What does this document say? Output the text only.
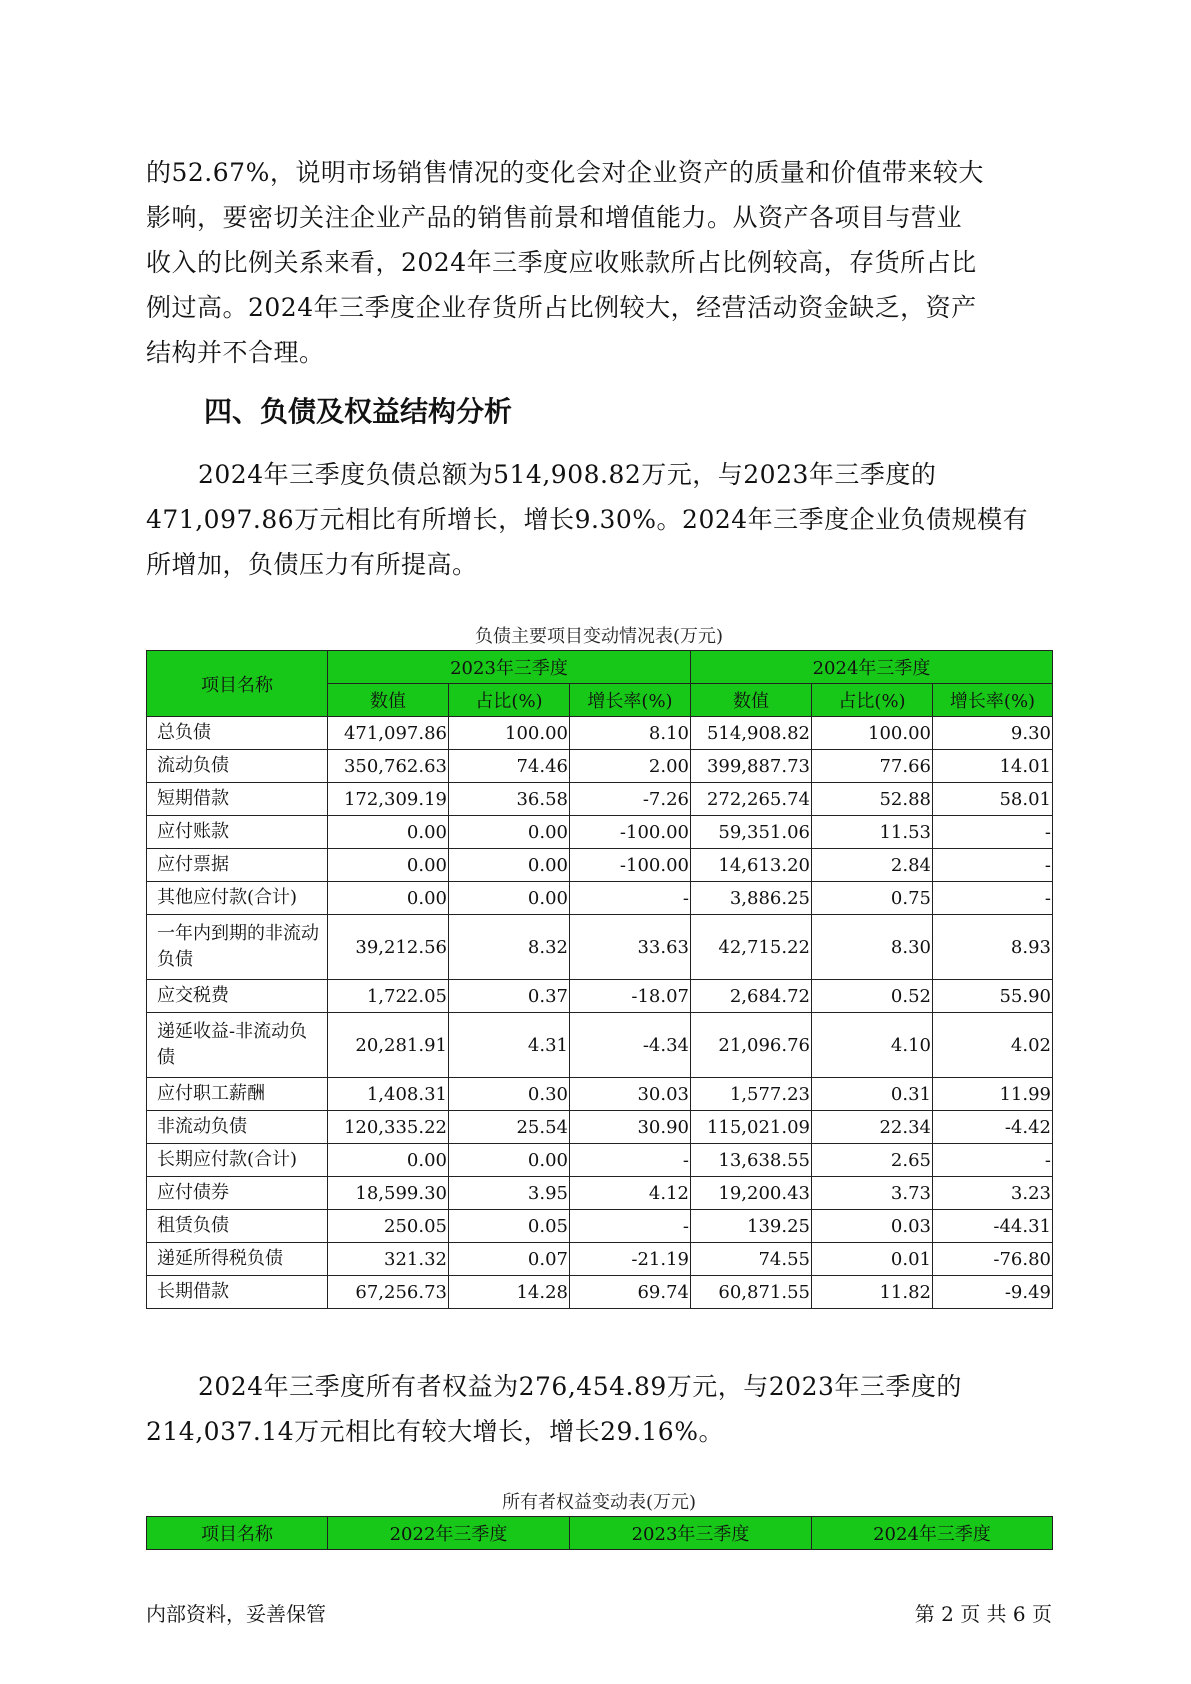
的52.67%，说明市场销售情况的变化会对企业资产的质量和价值带来较大
影响，要密切关注企业产品的销售前景和增值能力。从资产各项目与营业
收入的比例关系来看，2024年三季度应收账款所占比例较高，存货所占比
例过高。2024年三季度企业存货所占比例较大，经营活动资金缺乏，资产
结构并不合理。
四、负债及权益结构分析
2024年三季度负债总额为514,908.82万元，与2023年三季度的
471,097.86万元相比有所增长，增长9.30%。2024年三季度企业负债规模有
所增加，负债压力有所提高。
负债主要项目变动情况表(万元)
项目名称	2023年三季度			2024年三季度		
	数值	占比(%)	增长率(%)	数值	占比(%)	增长率(%)
总负债	471,097.86	100.00	8.10	514,908.82	100.00	9.30
流动负债	350,762.63	74.46	2.00	399,887.73	77.66	14.01
短期借款	172,309.19	36.58	-7.26	272,265.74	52.88	58.01
应付账款	0.00	0.00	-100.00	59,351.06	11.53	-
应付票据	0.00	0.00	-100.00	14,613.20	2.84	-
其他应付款(合计)	0.00	0.00	-	3,886.25	0.75	-
一年内到期的非流动负债	39,212.56	8.32	33.63	42,715.22	8.30	8.93
应交税费	1,722.05	0.37	-18.07	2,684.72	0.52	55.90
递延收益-非流动负债	20,281.91	4.31	-4.34	21,096.76	4.10	4.02
应付职工薪酬	1,408.31	0.30	30.03	1,577.23	0.31	11.99
非流动负债	120,335.22	25.54	30.90	115,021.09	22.34	-4.42
长期应付款(合计)	0.00	0.00	-	13,638.55	2.65	-
应付债券	18,599.30	3.95	4.12	19,200.43	3.73	3.23
租赁负债	250.05	0.05	-	139.25	0.03	-44.31
递延所得税负债	321.32	0.07	-21.19	74.55	0.01	-76.80
长期借款	67,256.73	14.28	69.74	60,871.55	11.82	-9.49
2024年三季度所有者权益为276,454.89万元，与2023年三季度的
214,037.14万元相比有较大增长，增长29.16%。
所有者权益变动表(万元)
项目名称	2022年三季度	2023年三季度	2024年三季度
内部资料，妥善保管	第 2 页 共 6 页
